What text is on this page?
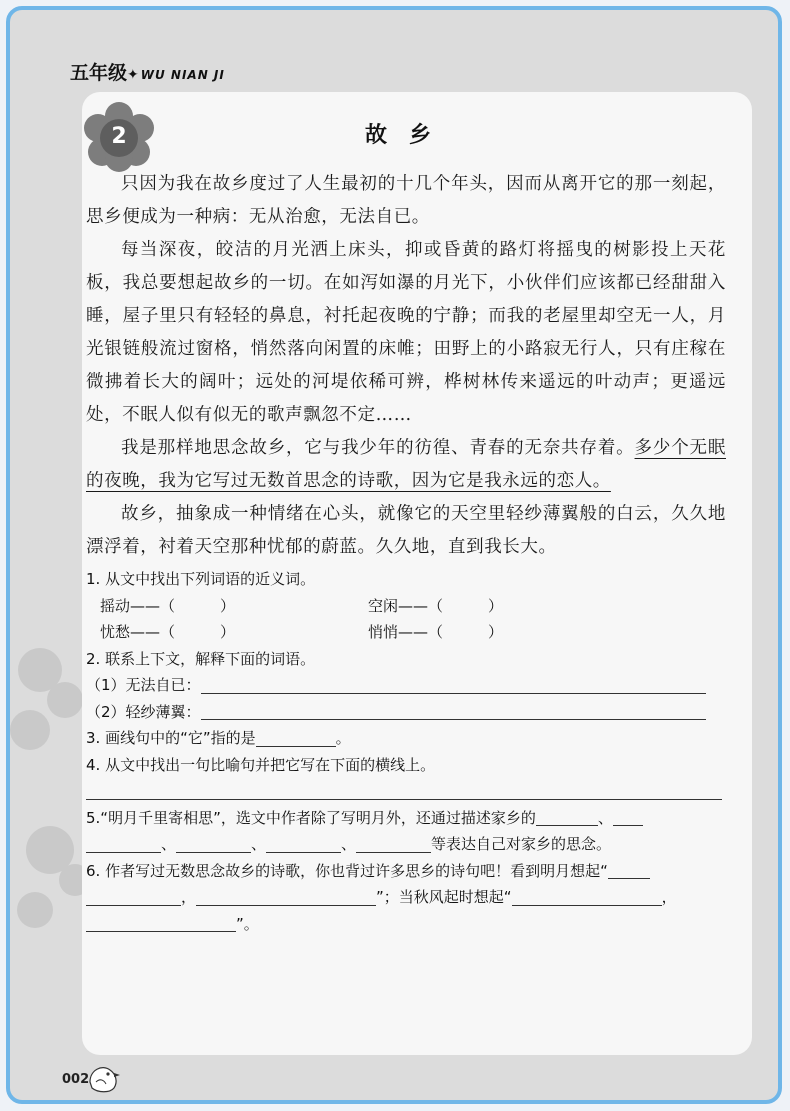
五年级✦ WU NIAN JI
2	故乡

只因为我在故乡度过了人生最初的十几个年头，因而从离开它的那一刻起，思乡便成为一种病：无从治愈，无法自已。

每当深夜，皎洁的月光洒上床头，抑或昏黄的路灯将摇曳的树影投上天花板，我总要想起故乡的一切。在如泻如瀑的月光下，小伙伴们应该都已经甜甜入睡，屋子里只有轻轻的鼻息，衬托起夜晚的宁静；而我的老屋里却空无一人，月光银链般流过窗格，悄然落向闲置的床帷；田野上的小路寂无行人，只有庄稼在微拂着长大的阔叶；远处的河堤依稀可辨，桦树林传来遥远的叶动声；更遥远处，不眠人似有似无的歌声飘忽不定……

我是那样地思念故乡，它与我少年的彷徨、青春的无奈共存着。多少个无眠的夜晚，我为它写过无数首思念的诗歌，因为它是我永远的恋人。

故乡，抽象成一种情绪在心头，就像它的天空里轻纱薄翼般的白云，久久地漂浮着，衬着天空那种忧郁的蔚蓝。久久地，直到我长大。

1. 从文中找出下列词语的近义词。
摇动——（　　　）	空闲——（　　　）
忧愁——（　　　）	悄悄——（　　　）
2. 联系上下文，解释下面的词语。
（1）无法自已：
（2）轻纱薄翼：
3. 画线句中的“它”指的是	。
4. 从文中找出一句比喻句并把它写在下面的横线上。
5.“明月千里寄相思”，选文中作者除了写明月外，还通过描述家乡的	、
、	、	、	等表达自己对家乡的思念。
6. 作者写过无数思念故乡的诗歌，你也背过许多思乡的诗句吧！看到明月想起“
，	”；当秋风起时想起“	，
”。
002
